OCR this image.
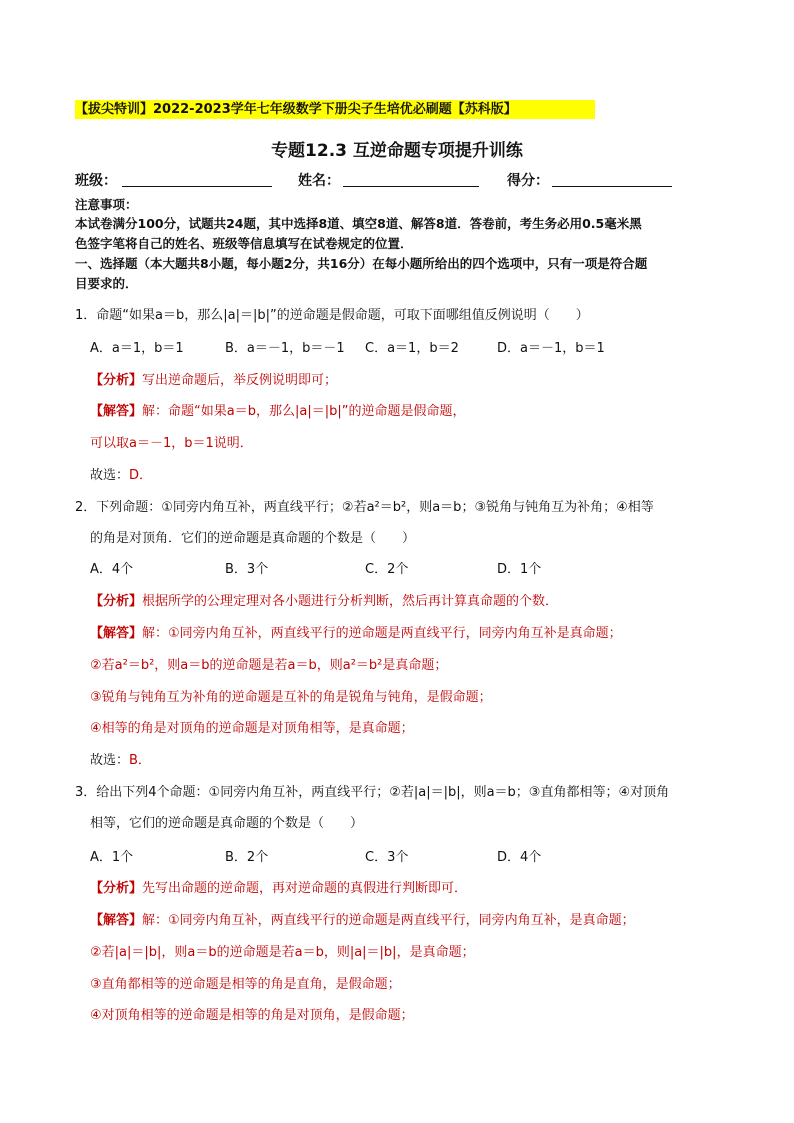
【拔尖特训】2022-2023学年七年级数学下册尖子生培优必刷题【苏科版】
专题12.3 互逆命题专项提升训练
班级：	姓名：	得分：
注意事项：
本试卷满分100分，试题共24题，其中选择8道、填空8道、解答8道．答卷前，考生务必用0.5毫米黑
色签字笔将自己的姓名、班级等信息填写在试卷规定的位置．
一、选择题（本大题共8小题，每小题2分，共16分）在每小题所给出的四个选项中，只有一项是符合题
目要求的．
1．命题“如果a＝b，那么|a|＝|b|”的逆命题是假命题，可取下面哪组值反例说明（　　）
A．a＝1，b＝1	B．a＝－1，b＝－1 C．a＝1，b＝2	D．a＝－1，b＝1
【分析】写出逆命题后，举反例说明即可；
【解答】解：命题“如果a＝b，那么|a|＝|b|”的逆命题是假命题，
可以取a＝－1，b＝1说明．
故选：D．
2．下列命题：①同旁内角互补，两直线平行；②若a²＝b²，则a＝b；③锐角与钝角互为补角；④相等
的角是对顶角．它们的逆命题是真命题的个数是（　　）
A．4个	B．3个	C．2个	D．1个
【分析】根据所学的公理定理对各小题进行分析判断，然后再计算真命题的个数．
【解答】解：①同旁内角互补，两直线平行的逆命题是两直线平行，同旁内角互补是真命题；
②若a²＝b²，则a＝b的逆命题是若a＝b，则a²＝b²是真命题；
③锐角与钝角互为补角的逆命题是互补的角是锐角与钝角，是假命题；
④相等的角是对顶角的逆命题是对顶角相等，是真命题；
故选：B．
3．给出下列4个命题：①同旁内角互补，两直线平行；②若|a|＝|b|，则a＝b；③直角都相等；④对顶角
相等，它们的逆命题是真命题的个数是（　　）
A．1个	B．2个	C．3个	D．4个
【分析】先写出命题的逆命题，再对逆命题的真假进行判断即可．
【解答】解：①同旁内角互补，两直线平行的逆命题是两直线平行，同旁内角互补，是真命题；
②若|a|＝|b|，则a＝b的逆命题是若a＝b，则|a|＝|b|，是真命题；
③直角都相等的逆命题是相等的角是直角，是假命题；
④对顶角相等的逆命题是相等的角是对顶角，是假命题；
